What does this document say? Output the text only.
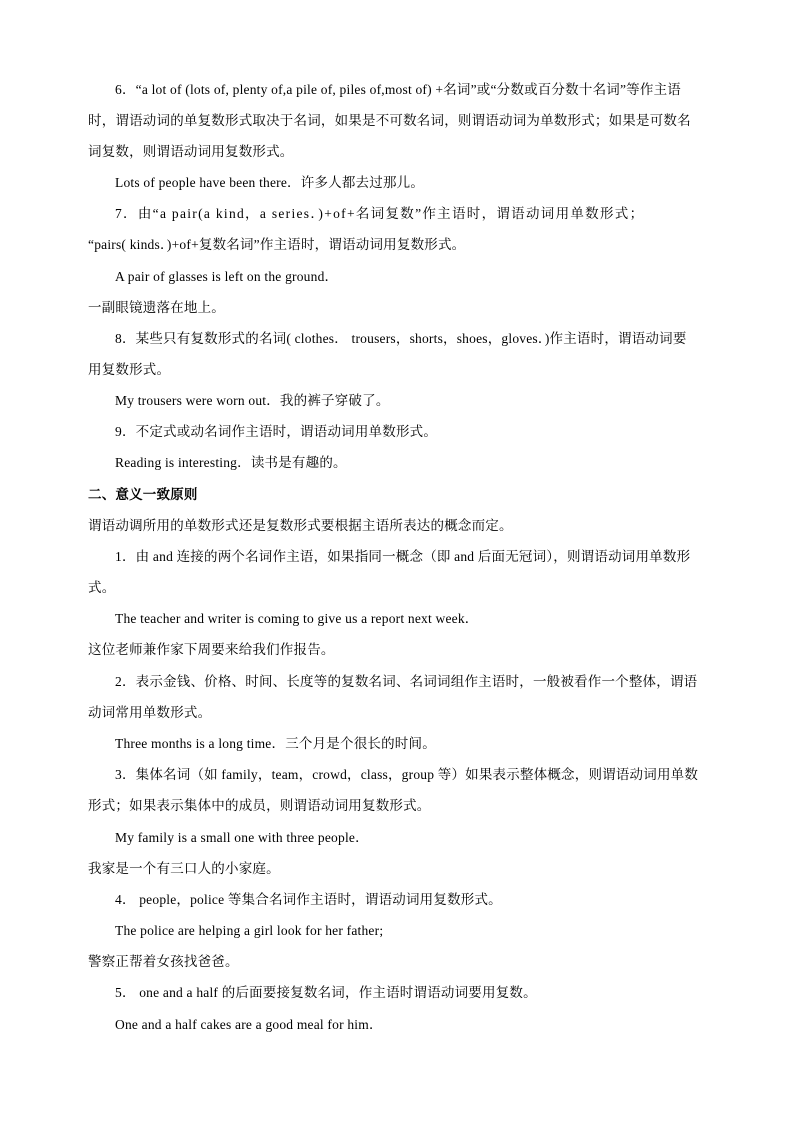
6．“a lot of (lots of, plenty of,a pile of, piles of,most of) +名词”或“分数或百分数十名词”等作主语
时，谓语动词的单复数形式取决于名词，如果是不可数名词，则谓语动词为单数形式；如果是可数名
词复数，则谓语动词用复数形式。
Lots of people have been there．许多人都去过那儿。
7．由“a pair(a kind，a series．)+of+名词复数”作主语时，谓语动词用单数形式；
“pairs( kinds．)+of+复数名词”作主语时，谓语动词用复数形式。
A pair of glasses is left on the ground．
一副眼镜遗落在地上。
8．某些只有复数形式的名词( clothes． trousers，shorts，shoes，gloves．)作主语时，谓语动词要
用复数形式。
My trousers were worn out．我的裤子穿破了。
9．不定式或动名词作主语时，谓语动词用单数形式。
Reading is interesting．读书是有趣的。
二、意义一致原则
谓语动调所用的单数形式还是复数形式要根据主语所表达的概念而定。
1．由 and 连接的两个名词作主语，如果指同一概念（即 and 后面无冠词），则谓语动词用单数形
式。
The teacher and writer is coming to give us a report next week．
这位老师兼作家下周要来给我们作报告。
2．表示金钱、价格、时间、长度等的复数名词、名词词组作主语时，一般被看作一个整体，谓语
动词常用单数形式。
Three months is a long time．三个月是个很长的时间。
3．集体名词（如 family，team，crowd，class，group 等）如果表示整体概念，则谓语动词用单数
形式；如果表示集体中的成员，则谓语动词用复数形式。
My family is a small one with three people．
我家是一个有三口人的小家庭。
4． people，police 等集合名词作主语时，谓语动词用复数形式。
The police are helping a girl look for her father;
警察正帮着女孩找爸爸。
5． one and a half 的后面要接复数名词，作主语时谓语动词要用复数。
One and a half cakes are a good meal for him．
